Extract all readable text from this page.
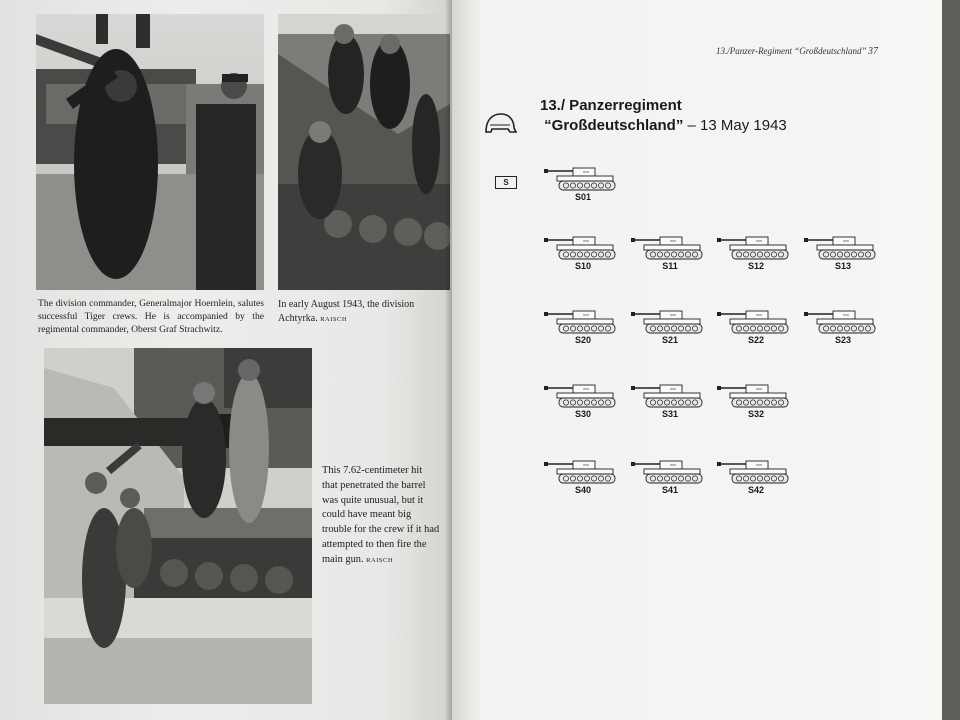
The division commander, Generalmajor Hoernlein, salutes successful Tiger crews. He is accompanied by the regimental commander, Oberst Graf Strachwitz.
In early August 1943, the division
Achtyrka. RAISCH
This 7.62-centimeter hit that penetrated the barrel was quite unusual, but it could have meant big trouble for the crew if it had attempted to then fire the main gun. RAISCH
13./Panzer-Regiment “Großdeutschland” 37
13./ Panzerregiment
“Großdeutschland” – 13 May 1943
S
S01
S10	S11	S12	S13
S20	S21	S22	S23
S30	S31	S32
S40	S41	S42
